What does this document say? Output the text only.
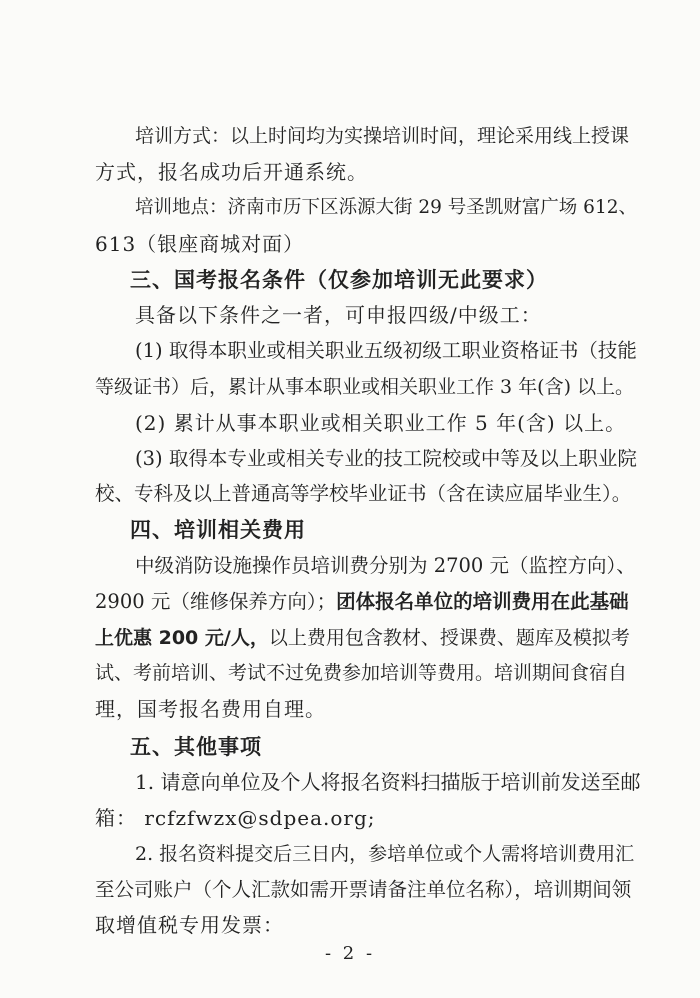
培训方式：以上时间均为实操培训时间，理论采用线上授课
方式，报名成功后开通系统。
培训地点：济南市历下区泺源大街 29 号圣凯财富广场 612、
613（银座商城对面）
三、国考报名条件（仅参加培训无此要求）
具备以下条件之一者，可申报四级/中级工：
(1) 取得本职业或相关职业五级初级工职业资格证书（技能
等级证书）后，累计从事本职业或相关职业工作 3 年(含) 以上。
(2) 累计从事本职业或相关职业工作 5 年(含) 以上。
(3) 取得本专业或相关专业的技工院校或中等及以上职业院
校、专科及以上普通高等学校毕业证书（含在读应届毕业生）。
四、培训相关费用
中级消防设施操作员培训费分别为 2700 元（监控方向）、
2900 元（维修保养方向）；团体报名单位的培训费用在此基础
上优惠 200 元/人，以上费用包含教材、授课费、题库及模拟考
试、考前培训、考试不过免费参加培训等费用。培训期间食宿自
理，国考报名费用自理。
五、其他事项
1. 请意向单位及个人将报名资料扫描版于培训前发送至邮
箱： rcfzfwzx@sdpea.org;
2. 报名资料提交后三日内，参培单位或个人需将培训费用汇
至公司账户（个人汇款如需开票请备注单位名称），培训期间领
取增值税专用发票：
- 2 -
